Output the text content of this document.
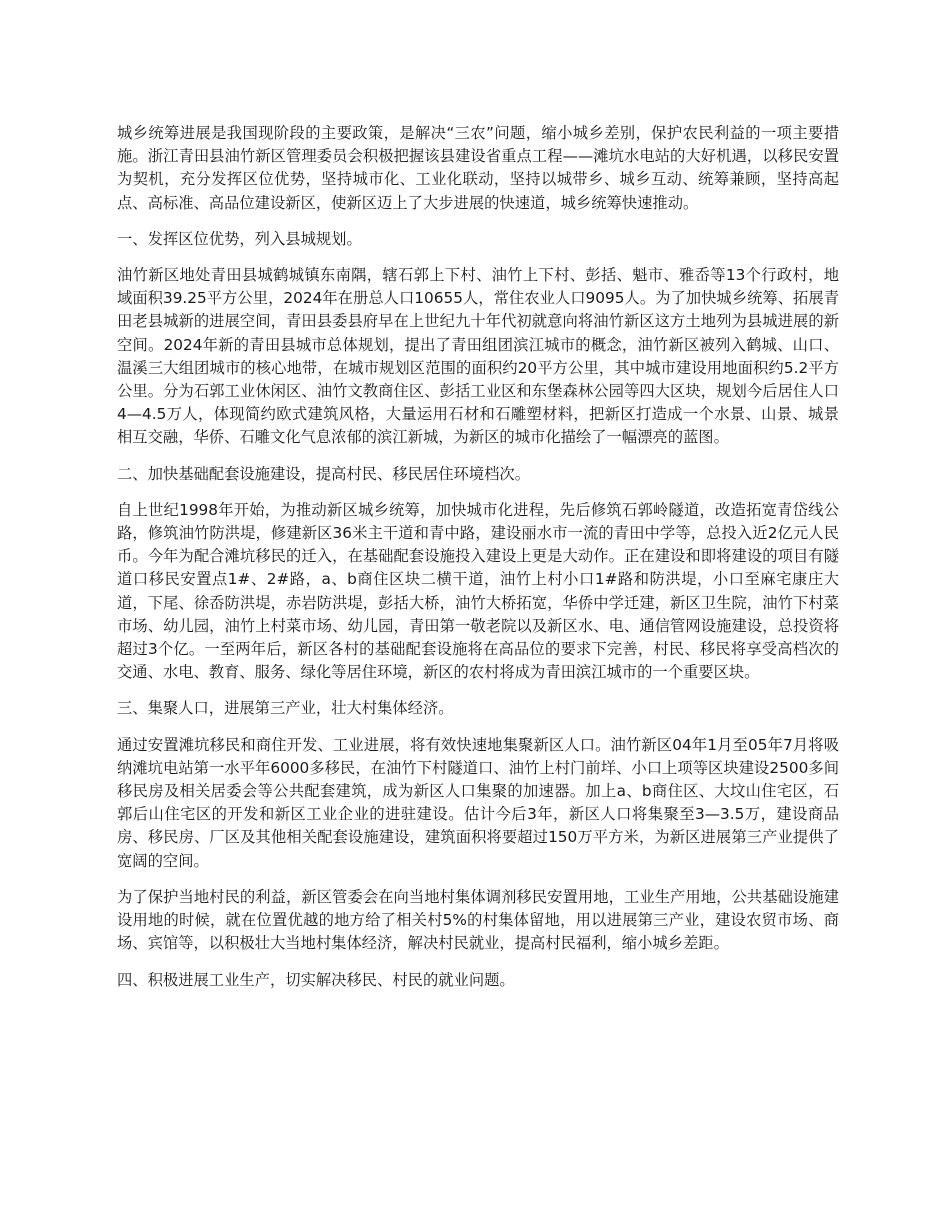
城乡统筹进展是我国现阶段的主要政策，是解决“三农”问题，缩小城乡差别，保护农民利益的一项主要措施。浙江青田县油竹新区管理委员会积极把握该县建设省重点工程——滩坑水电站的大好机遇，以移民安置为契机，充分发挥区位优势，坚持城市化、工业化联动，坚持以城带乡、城乡互动、统筹兼顾，坚持高起点、高标准、高品位建设新区，使新区迈上了大步进展的快速道，城乡统筹快速推动。

一、发挥区位优势，列入县城规划。

油竹新区地处青田县城鹤城镇东南隅，辖石郭上下村、油竹上下村、彭括、魁市、雅岙等13个行政村，地域面积39.25平方公里，2024年在册总人口10655人，常住农业人口9095人。为了加快城乡统筹、拓展青田老县城新的进展空间，青田县委县府早在上世纪九十年代初就意向将油竹新区这方土地列为县城进展的新空间。2024年新的青田县城市总体规划，提出了青田组团滨江城市的概念，油竹新区被列入鹤城、山口、温溪三大组团城市的核心地带，在城市规划区范围的面积约20平方公里，其中城市建设用地面积约5.2平方公里。分为石郭工业休闲区、油竹文教商住区、彭括工业区和东堡森林公园等四大区块，规划今后居住人口4—4.5万人，体现简约欧式建筑风格，大量运用石材和石雕塑材料，把新区打造成一个水景、山景、城景相互交融，华侨、石雕文化气息浓郁的滨江新城，为新区的城市化描绘了一幅漂亮的蓝图。

二、加快基础配套设施建设，提高村民、移民居住环境档次。

自上世纪1998年开始，为推动新区城乡统筹，加快城市化进程，先后修筑石郭岭隧道，改造拓宽青岱线公路，修筑油竹防洪堤，修建新区36米主干道和青中路，建设丽水市一流的青田中学等，总投入近2亿元人民币。今年为配合滩坑移民的迁入，在基础配套设施投入建设上更是大动作。正在建设和即将建设的项目有隧道口移民安置点1#、2#路，a、b商住区块二横干道，油竹上村小口1#路和防洪堤，小口至麻宅康庄大道，下尾、徐岙防洪堤，赤岩防洪堤，彭括大桥，油竹大桥拓宽，华侨中学迁建，新区卫生院，油竹下村菜市场、幼儿园，油竹上村菜市场、幼儿园，青田第一敬老院以及新区水、电、通信管网设施建设，总投资将超过3个亿。一至两年后，新区各村的基础配套设施将在高品位的要求下完善，村民、移民将享受高档次的交通、水电、教育、服务、绿化等居住环境，新区的农村将成为青田滨江城市的一个重要区块。

三、集聚人口，进展第三产业，壮大村集体经济。

通过安置滩坑移民和商住开发、工业进展，将有效快速地集聚新区人口。油竹新区04年1月至05年7月将吸纳滩坑电站第一水平年6000多移民，在油竹下村隧道口、油竹上村门前垟、小口上项等区块建设2500多间移民房及相关居委会等公共配套建筑，成为新区人口集聚的加速器。加上a、b商住区、大坟山住宅区，石郭后山住宅区的开发和新区工业企业的进驻建设。估计今后3年，新区人口将集聚至3—3.5万，建设商品房、移民房、厂区及其他相关配套设施建设，建筑面积将要超过150万平方米，为新区进展第三产业提供了宽阔的空间。

为了保护当地村民的利益，新区管委会在向当地村集体调剂移民安置用地，工业生产用地，公共基础设施建设用地的时候，就在位置优越的地方给了相关村5%的村集体留地，用以进展第三产业，建设农贸市场、商场、宾馆等，以积极壮大当地村集体经济，解决村民就业，提高村民福利，缩小城乡差距。

四、积极进展工业生产，切实解决移民、村民的就业问题。
